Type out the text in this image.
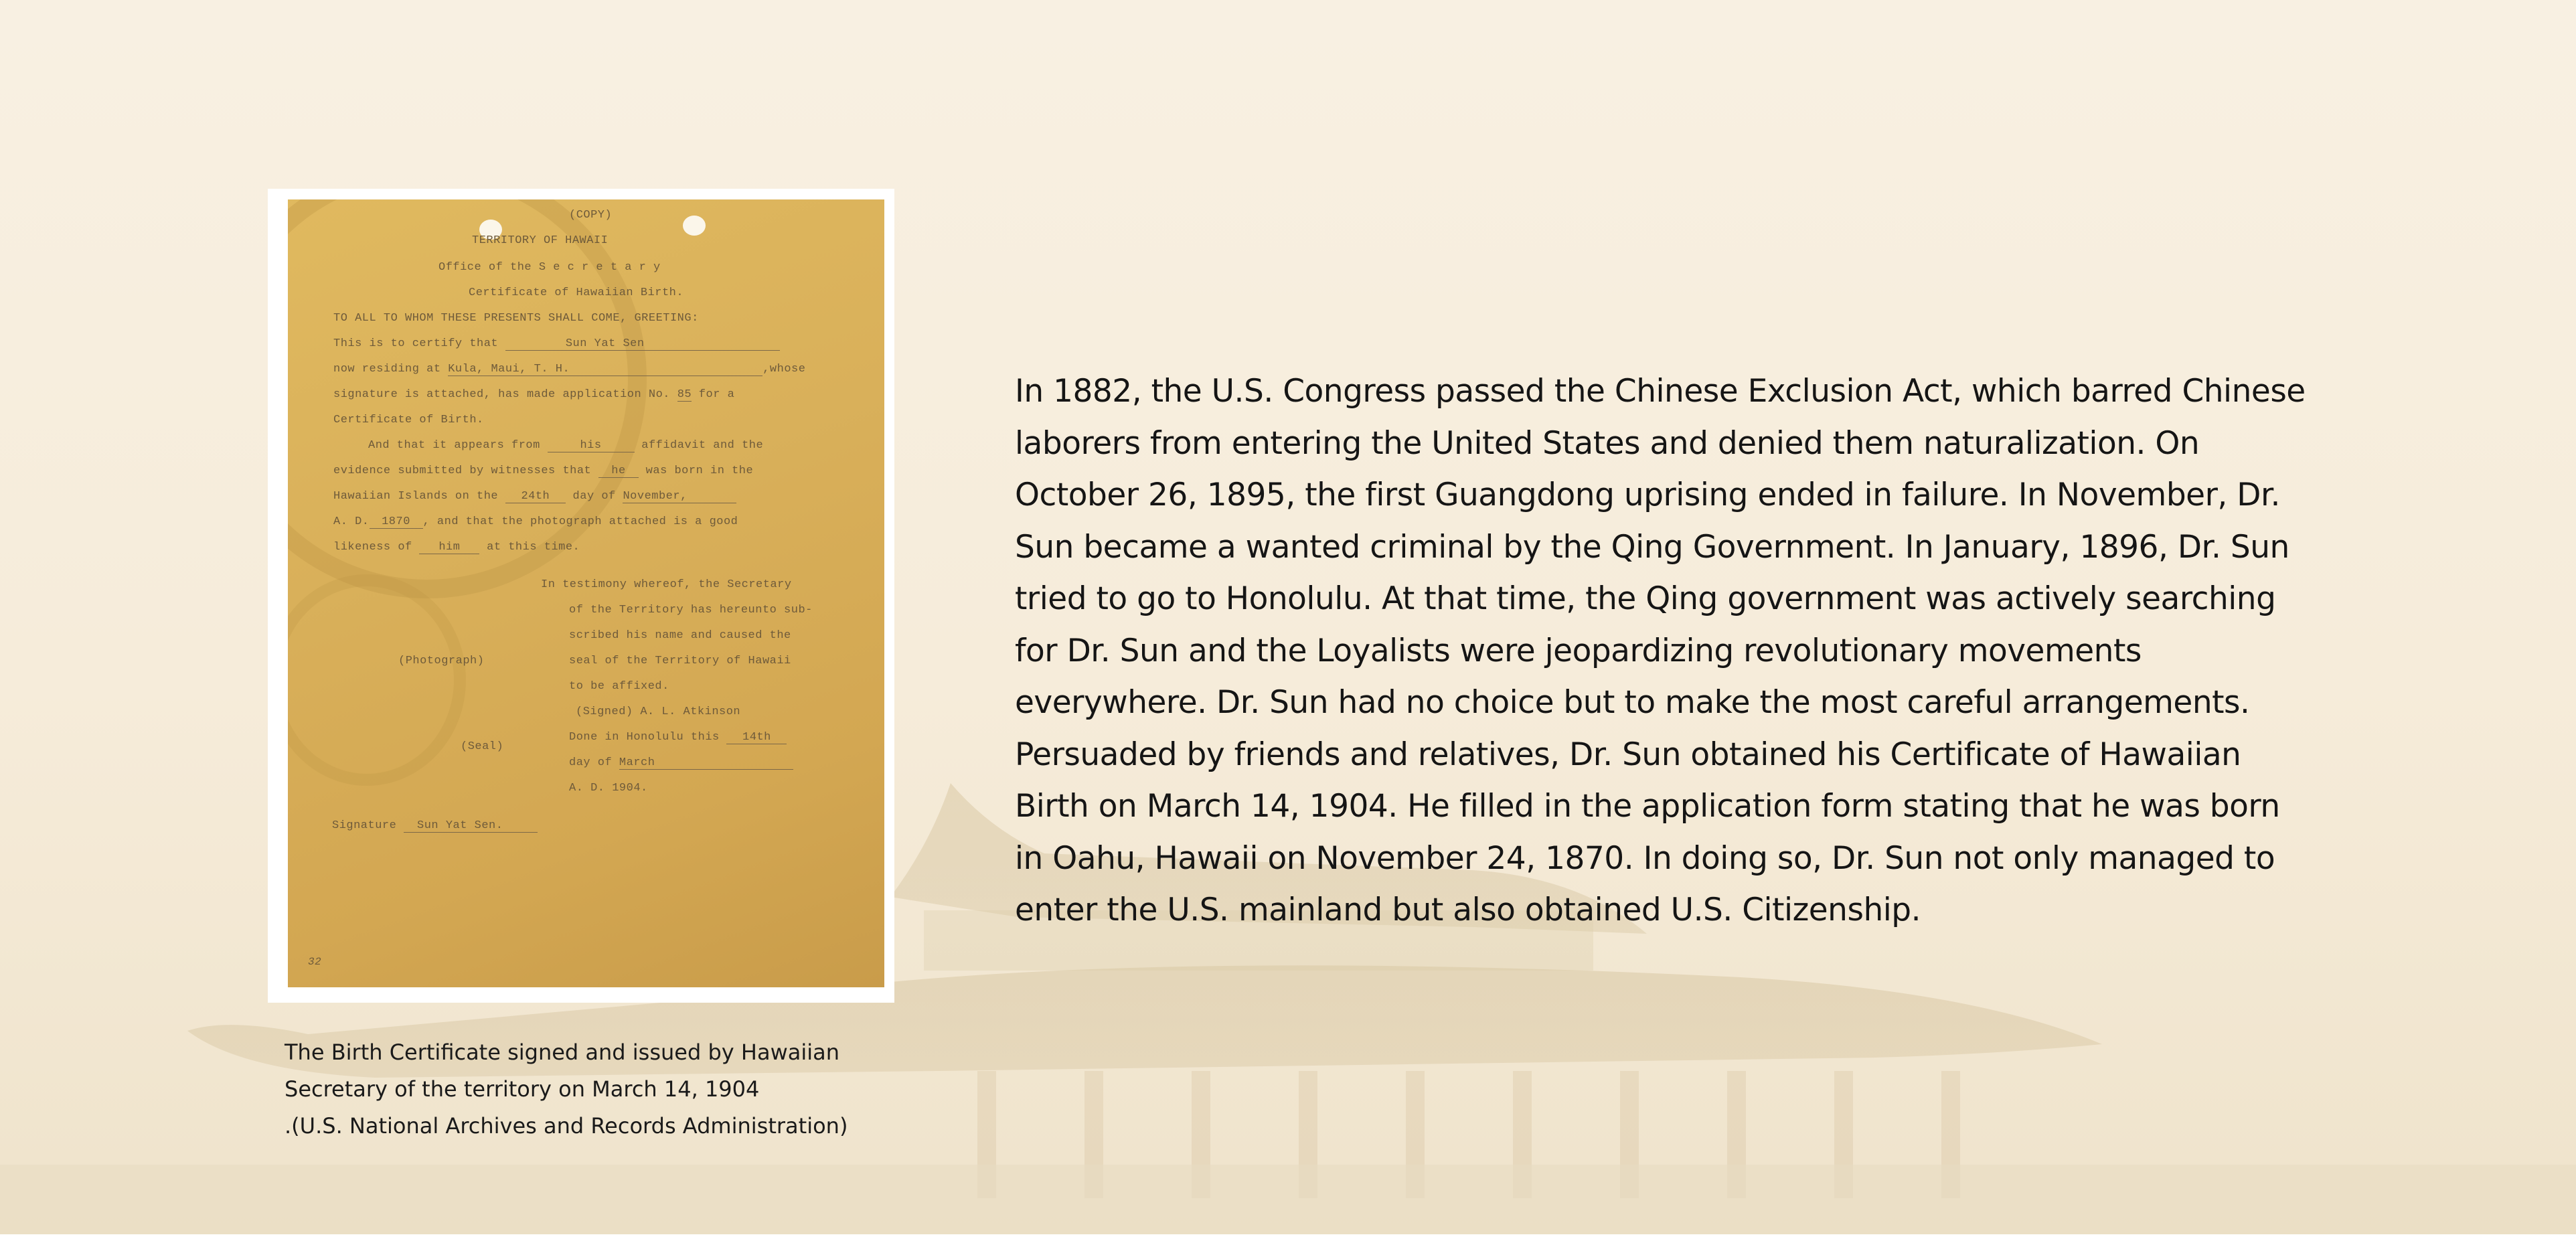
(COPY)
TERRITORY OF HAWAII
Office of the S e c r e t a r y
Certificate of Hawaiian Birth.
TO ALL TO WHOM THESE PRESENTS SHALL COME, GREETING:
This is to certify that	Sun Yat Sen
now residing at Kula, Maui, T. H.	,whose
signature is attached, has made application No. 85 for a
Certificate of Birth.
And that it appears from	his	affidavit and the
evidence submitted by witnesses that he was born in the
Hawaiian Islands on the 24th day of November,
A. D. 1870 , and that the photograph attached is a good
likeness of him at this time.
In testimony whereof, the Secretary
of the Territory has hereunto sub-
scribed his name and caused the
(Photograph)	seal of the Territory of Hawaii
to be affixed.
(Signed) A. L. Atkinson
Done in Honolulu this 14th
(Seal)
day of March
A. D. 1904.
Signature Sun Yat Sen.
32
The Birth Certificate signed and issued by Hawaiian
Secretary of the territory on March 14, 1904
.(U.S. National Archives and Records Administration)
In 1882, the U.S. Congress passed the Chinese Exclusion Act, which barred Chinese
laborers from entering the United States and denied them naturalization. On
October 26, 1895, the first Guangdong uprising ended in failure. In November, Dr.
Sun became a wanted criminal by the Qing Government. In January, 1896, Dr. Sun
tried to go to Honolulu. At that time, the Qing government was actively searching
for Dr. Sun and the Loyalists were jeopardizing revolutionary movements
everywhere. Dr. Sun had no choice but to make the most careful arrangements.
Persuaded by friends and relatives, Dr. Sun obtained his Certificate of Hawaiian
Birth on March 14, 1904. He filled in the application form stating that he was born
in Oahu, Hawaii on November 24, 1870. In doing so, Dr. Sun not only managed to
enter the U.S. mainland but also obtained U.S. Citizenship.
